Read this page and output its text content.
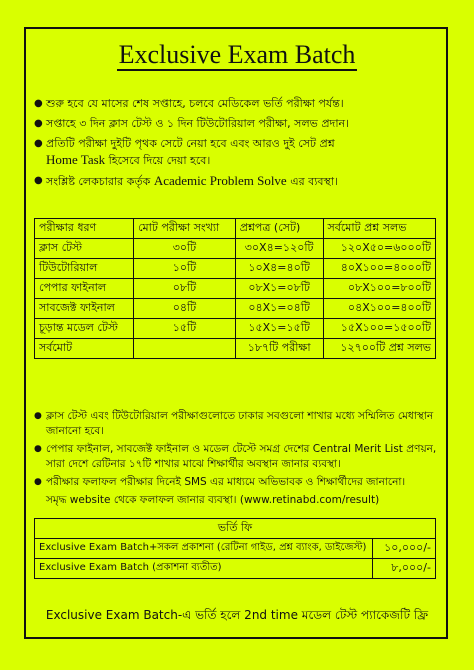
Exclusive Exam Batch
● শুরু হবে যে মাসের শেষ সপ্তাহে, চলবে মেডিকেল ভর্তি পরীক্ষা পর্যন্ত।
● সপ্তাহে ৩ দিন ক্লাস টেস্ট ও ১ দিন টিউটোরিয়াল পরীক্ষা, সলভ প্রদান।
● প্রতিটি পরীক্ষা দুইটি পৃথক সেটে নেয়া হবে এবং আরও দুই সেট প্রশ্ন
Home Task হিসেবে দিয়ে দেয়া হবে।
● সংশ্লিষ্ট লেকচারার কর্তৃক Academic Problem Solve এর ব্যবস্থা।
পরীক্ষার ধরণ	মোট পরীক্ষা সংখ্যা	প্রশ্নপত্র (সেট)	সর্বমোট প্রশ্ন সলভ
ক্লাস টেস্ট	৩০টি	৩০X৪=১২০টি	১২০X৫০=৬০০০টি
টিউটোরিয়াল	১০টি	১০X৪=৪০টি	৪০X১০০=৪০০০টি
পেপার ফাইনাল	০৮টি	০৮X১=০৮টি	০৮X১০০=৮০০টি
সাবজেক্ট ফাইনাল	০৪টি	০৪X১=০৪টি	০৪X১০০=৪০০টি
চূড়ান্ত মডেল টেস্ট	১৫টি	১৫X১=১৫টি	১৫X১০০=১৫০০টি
সর্বমোট		১৮৭টি পরীক্ষা	১২৭০০টি প্রশ্ন সলভ
● ক্লাস টেস্ট এবং টিউটোরিয়াল পরীক্ষাগুলোতে ঢাকার সবগুলো শাখার মধ্যে সম্মিলিত মেধাস্থান জানানো হবে।
● পেপার ফাইনাল, সাবজেক্ট ফাইনাল ও মডেল টেস্টে সমগ্র দেশের Central Merit List প্রণয়ন, সারা দেশে রেটিনার ১৭টি শাখার মাঝে শিক্ষার্থীর অবস্থান জানার ব্যবস্থা।
● পরীক্ষার ফলাফল পরীক্ষার দিনেই SMS এর মাধ্যমে অভিভাবক ও শিক্ষার্থীদের জানানো।
সমৃদ্ধ website থেকে ফলাফল জানার ব্যবস্থা। (www.retinabd.com/result)
ভর্তি ফি	
Exclusive Exam Batch+সকল প্রকাশনা (রেটিনা গাইড, প্রশ্ন ব্যাংক, ডাইজেস্ট)	১০,০০০/-
Exclusive Exam Batch (প্রকাশনা ব্যতীত)	৮,০০০/-
Exclusive Exam Batch-এ ভর্তি হলে 2nd time মডেল টেস্ট প্যাকেজটি ফ্রি
